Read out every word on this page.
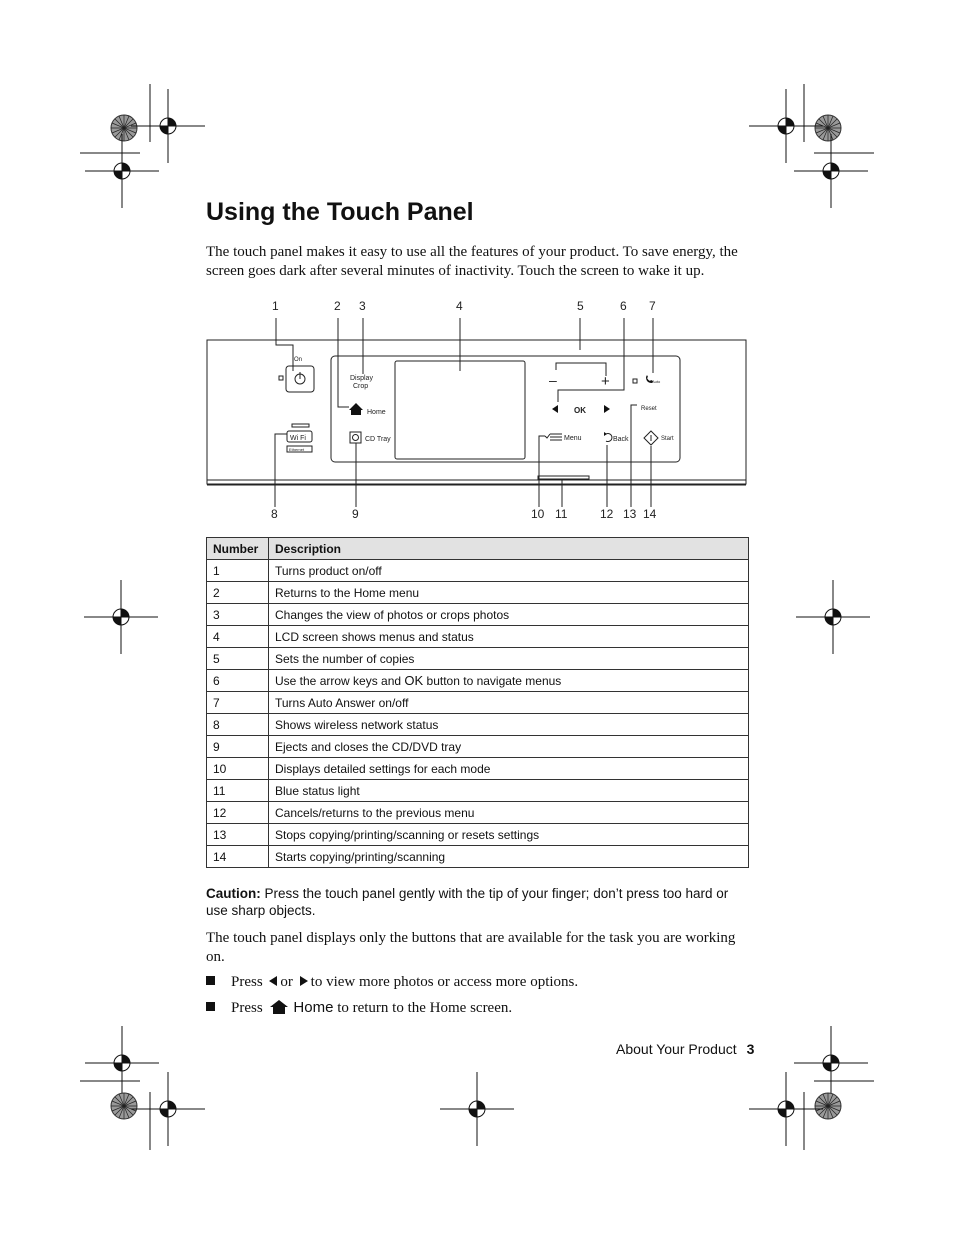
Using the Touch Panel

The touch panel makes it easy to use all the features of your product. To save energy, the screen goes dark after several minutes of inactivity. Touch the screen to wake it up.

On
Wi Fi
Ethernet
Display
Crop
Home
CD Tray
–	+
OK
Auto
Reset
Menu	Back	Start
1	2 3	4	5	6 7
8	9	10 11	12 13 14
Number	Description
1	Turns product on/off
2	Returns to the Home menu
3	Changes the view of photos or crops photos
4	LCD screen shows menus and status
5	Sets the number of copies
6	Use the arrow keys and OK button to navigate menus
7	Turns Auto Answer on/off
8	Shows wireless network status
9	Ejects and closes the CD/DVD tray
10	Displays detailed settings for each mode
11	Blue status light
12	Cancels/returns to the previous menu
13	Stops copying/printing/scanning or resets settings
14	Starts copying/printing/scanning

Caution: Press the touch panel gently with the tip of your finger; don’t press too hard or use sharp objects.

The touch panel displays only the buttons that are available for the task you are working on.

Press or to view more photos or access more options.

Press Home to return to the Home screen.

About Your Product 3
